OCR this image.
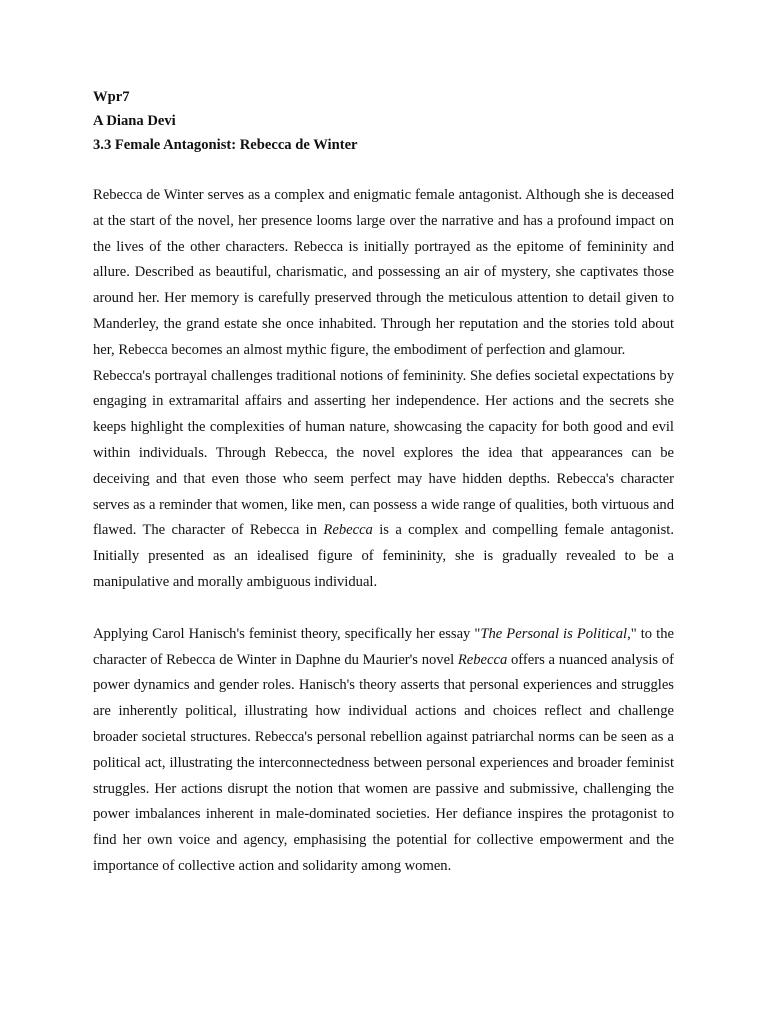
Wpr7

A Diana Devi

3.3 Female Antagonist: Rebecca de Winter

Rebecca de Winter serves as a complex and enigmatic female antagonist. Although she is deceased at the start of the novel, her presence looms large over the narrative and has a profound impact on the lives of the other characters. Rebecca is initially portrayed as the epitome of femininity and allure. Described as beautiful, charismatic, and possessing an air of mystery, she captivates those around her. Her memory is carefully preserved through the meticulous attention to detail given to Manderley, the grand estate she once inhabited. Through her reputation and the stories told about her, Rebecca becomes an almost mythic figure, the embodiment of perfection and glamour.

Rebecca's portrayal challenges traditional notions of femininity. She defies societal expectations by engaging in extramarital affairs and asserting her independence. Her actions and the secrets she keeps highlight the complexities of human nature, showcasing the capacity for both good and evil within individuals. Through Rebecca, the novel explores the idea that appearances can be deceiving and that even those who seem perfect may have hidden depths. Rebecca's character serves as a reminder that women, like men, can possess a wide range of qualities, both virtuous and flawed. The character of Rebecca in Rebecca is a complex and compelling female antagonist. Initially presented as an idealised figure of femininity, she is gradually revealed to be a manipulative and morally ambiguous individual.

Applying Carol Hanisch's feminist theory, specifically her essay "The Personal is Political," to the character of Rebecca de Winter in Daphne du Maurier's novel Rebecca offers a nuanced analysis of power dynamics and gender roles. Hanisch's theory asserts that personal experiences and struggles are inherently political, illustrating how individual actions and choices reflect and challenge broader societal structures. Rebecca's personal rebellion against patriarchal norms can be seen as a political act, illustrating the interconnectedness between personal experiences and broader feminist struggles. Her actions disrupt the notion that women are passive and submissive, challenging the power imbalances inherent in male-dominated societies. Her defiance inspires the protagonist to find her own voice and agency, emphasising the potential for collective empowerment and the importance of collective action and solidarity among women.
